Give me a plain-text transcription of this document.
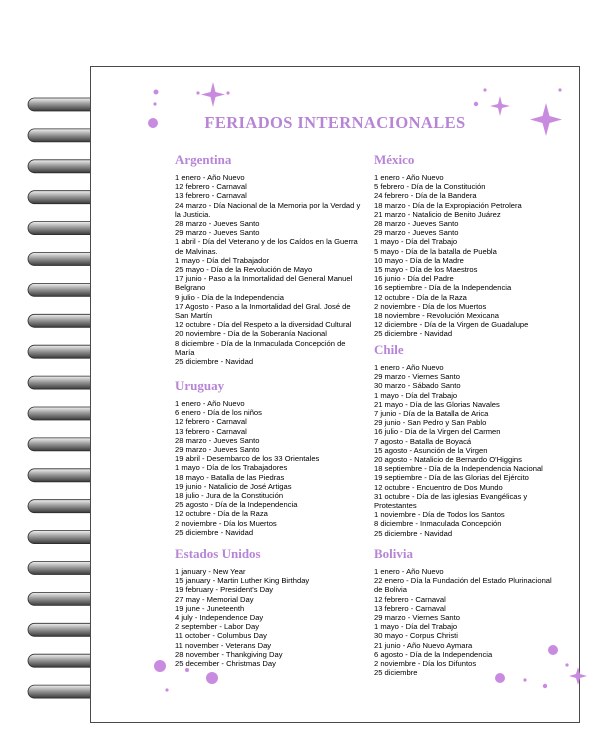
FERIADOS INTERNACIONALES
Argentina
1 enero - Año Nuevo
12 febrero - Carnaval
13 febrero - Carnaval
24 marzo - Día Nacional de la Memoria por la Verdad y la Justicia.
28 marzo - Jueves Santo
29 marzo - Jueves Santo
1 abril - Día del Veterano y de los Caídos en la Guerra de Malvinas.
1 mayo - Día del Trabajador
25 mayo - Día de la Revolución de Mayo
17 junio - Paso a la Inmortalidad del General Manuel Belgrano
9 julio - Día de la Independencia
17 Agosto - Paso a la Inmortalidad del Gral. José de San Martín
12 octubre - Día del Respeto a la diversidad Cultural
20 noviembre - Día de la Soberanía Nacional
8 diciembre - Día de la Inmaculada Concepción de María
25 diciembre - Navidad
Uruguay
1 enero - Año Nuevo
6 enero - Día de los niños
12 febrero - Carnaval
13 febrero - Carnaval
28 marzo - Jueves Santo
29 marzo - Jueves Santo
19 abril - Desembarco de los 33 Orientales
1 mayo - Día de los Trabajadores
18 mayo - Batalla de las Piedras
19 junio - Natalicio de José Artigas
18 julio - Jura de la Constitución
25 agosto - Día de la Independencia
12 octubre - Día de la Raza
2 noviembre - Día los Muertos
25 diciembre - Navidad
Estados Unidos
1 january - New Year
15 january - Martin Luther King Birthday
19 february - President's Day
27 may - Memorial Day
19 june - Juneteenth
4 july - Independence Day
2 september - Labor Day
11 october - Columbus Day
11 november - Veterans Day
28 november - Thankgiving Day
25 december - Christmas Day
México
1 enero - Año Nuevo
5 febrero - Día de la Constitución
24 febrero - Día de la Bandera
18 marzo - Día de la Expropiación Petrolera
21 marzo - Natalicio de Benito Juárez
28 marzo - Jueves Santo
29 marzo - Jueves Santo
1 mayo - Día del Trabajo
5 mayo - Día de la batalla de Puebla
10 mayo - Día de la Madre
15 mayo - Día de los Maestros
16 junio - Día del Padre
16 septiembre - Día de la Independencia
12 octubre - Día de la Raza
2 noviembre - Día de los Muertos
18 noviembre - Revolución Mexicana
12 diciembre - Día de la Virgen de Guadalupe
25 diciembre - Navidad
Chile
1 enero - Año Nuevo
29 marzo - Viernes Santo
30 marzo - Sábado Santo
1 mayo - Día del Trabajo
21 mayo - Día de las Glorias Navales
7 junio - Día de la Batalla de Arica
29 junio - San Pedro y San Pablo
16 julio - Día de la Virgen del Carmen
7 agosto - Batalla de Boyacá
15 agosto - Asunción de la Virgen
20 agosto - Natalicio de Bernardo O'Higgins
18 septiembre - Día de la Independencia Nacional
19 septiembre - Día de las Glorias del Ejército
12 octubre - Encuentro de Dos Mundo
31 octubre - Día de las iglesias Evangélicas y Protestantes
1 noviembre - Día de Todos los Santos
8 diciembre - Inmaculada Concepción
25 diciembre - Navidad
Bolivia
1 enero - Año Nuevo
22 enero - Día la Fundación del Estado Plurinacional de Bolivia
12 febrero - Carnaval
13 febrero - Carnaval
29 marzo - Viernes Santo
1 mayo - Día del Trabajo
30 mayo - Corpus Christi
21 junio - Año Nuevo Aymara
6 agosto - Día de la Independencia
2 noviembre - Día los Difuntos
25 diciembre
